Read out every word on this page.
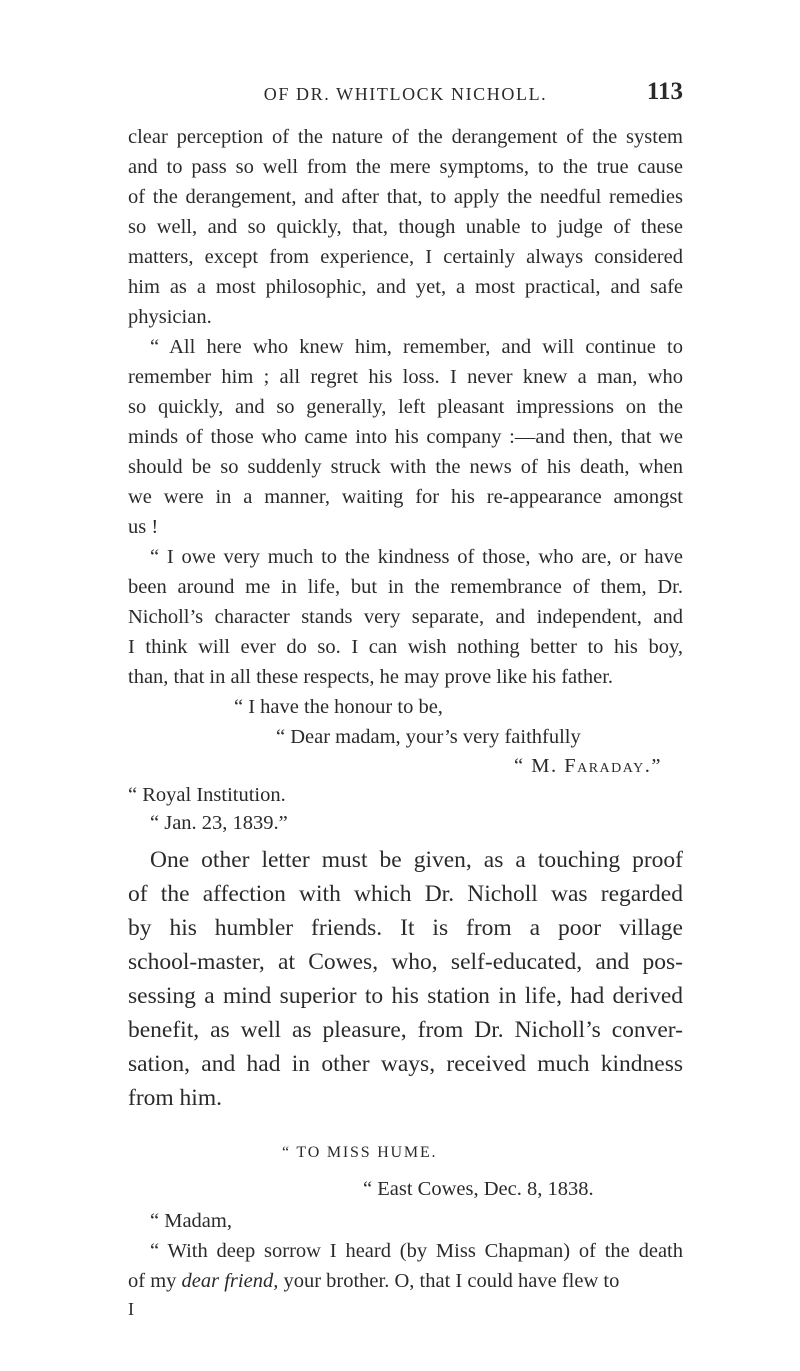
OF DR. WHITLOCK NICHOLL.	113
clear perception of the nature of the derangement of the system
and to pass so well from the mere symptoms, to the true cause
of the derangement, and after that, to apply the needful remedies
so well, and so quickly, that, though unable to judge of these
matters, except from experience, I certainly always considered
him as a most philosophic, and yet, a most practical, and safe
physician.
“ All here who knew him, remember, and will continue to
remember him ; all regret his loss. I never knew a man, who
so quickly, and so generally, left pleasant impressions on the
minds of those who came into his company :—and then, that we
should be so suddenly struck with the news of his death, when
we were in a manner, waiting for his re-appearance amongst
us !
“ I owe very much to the kindness of those, who are, or have
been around me in life, but in the remembrance of them, Dr.
Nicholl’s character stands very separate, and independent, and
I think will ever do so. I can wish nothing better to his boy,
than, that in all these respects, he may prove like his father.
“ I have the honour to be,
“ Dear madam, your’s very faithfully
“ M. Faraday.”
“ Royal Institution.
“ Jan. 23, 1839.”
One other letter must be given, as a touching proof
of the affection with which Dr. Nicholl was regarded
by his humbler friends. It is from a poor village
school-master, at Cowes, who, self-educated, and pos-
sessing a mind superior to his station in life, had derived
benefit, as well as pleasure, from Dr. Nicholl’s conver-
sation, and had in other ways, received much kindness
from him.
“ TO MISS HUME.
“ East Cowes, Dec. 8, 1838.
“ Madam,
“ With deep sorrow I heard (by Miss Chapman) of the death
of my dear friend, your brother. O, that I could have flew to
I
